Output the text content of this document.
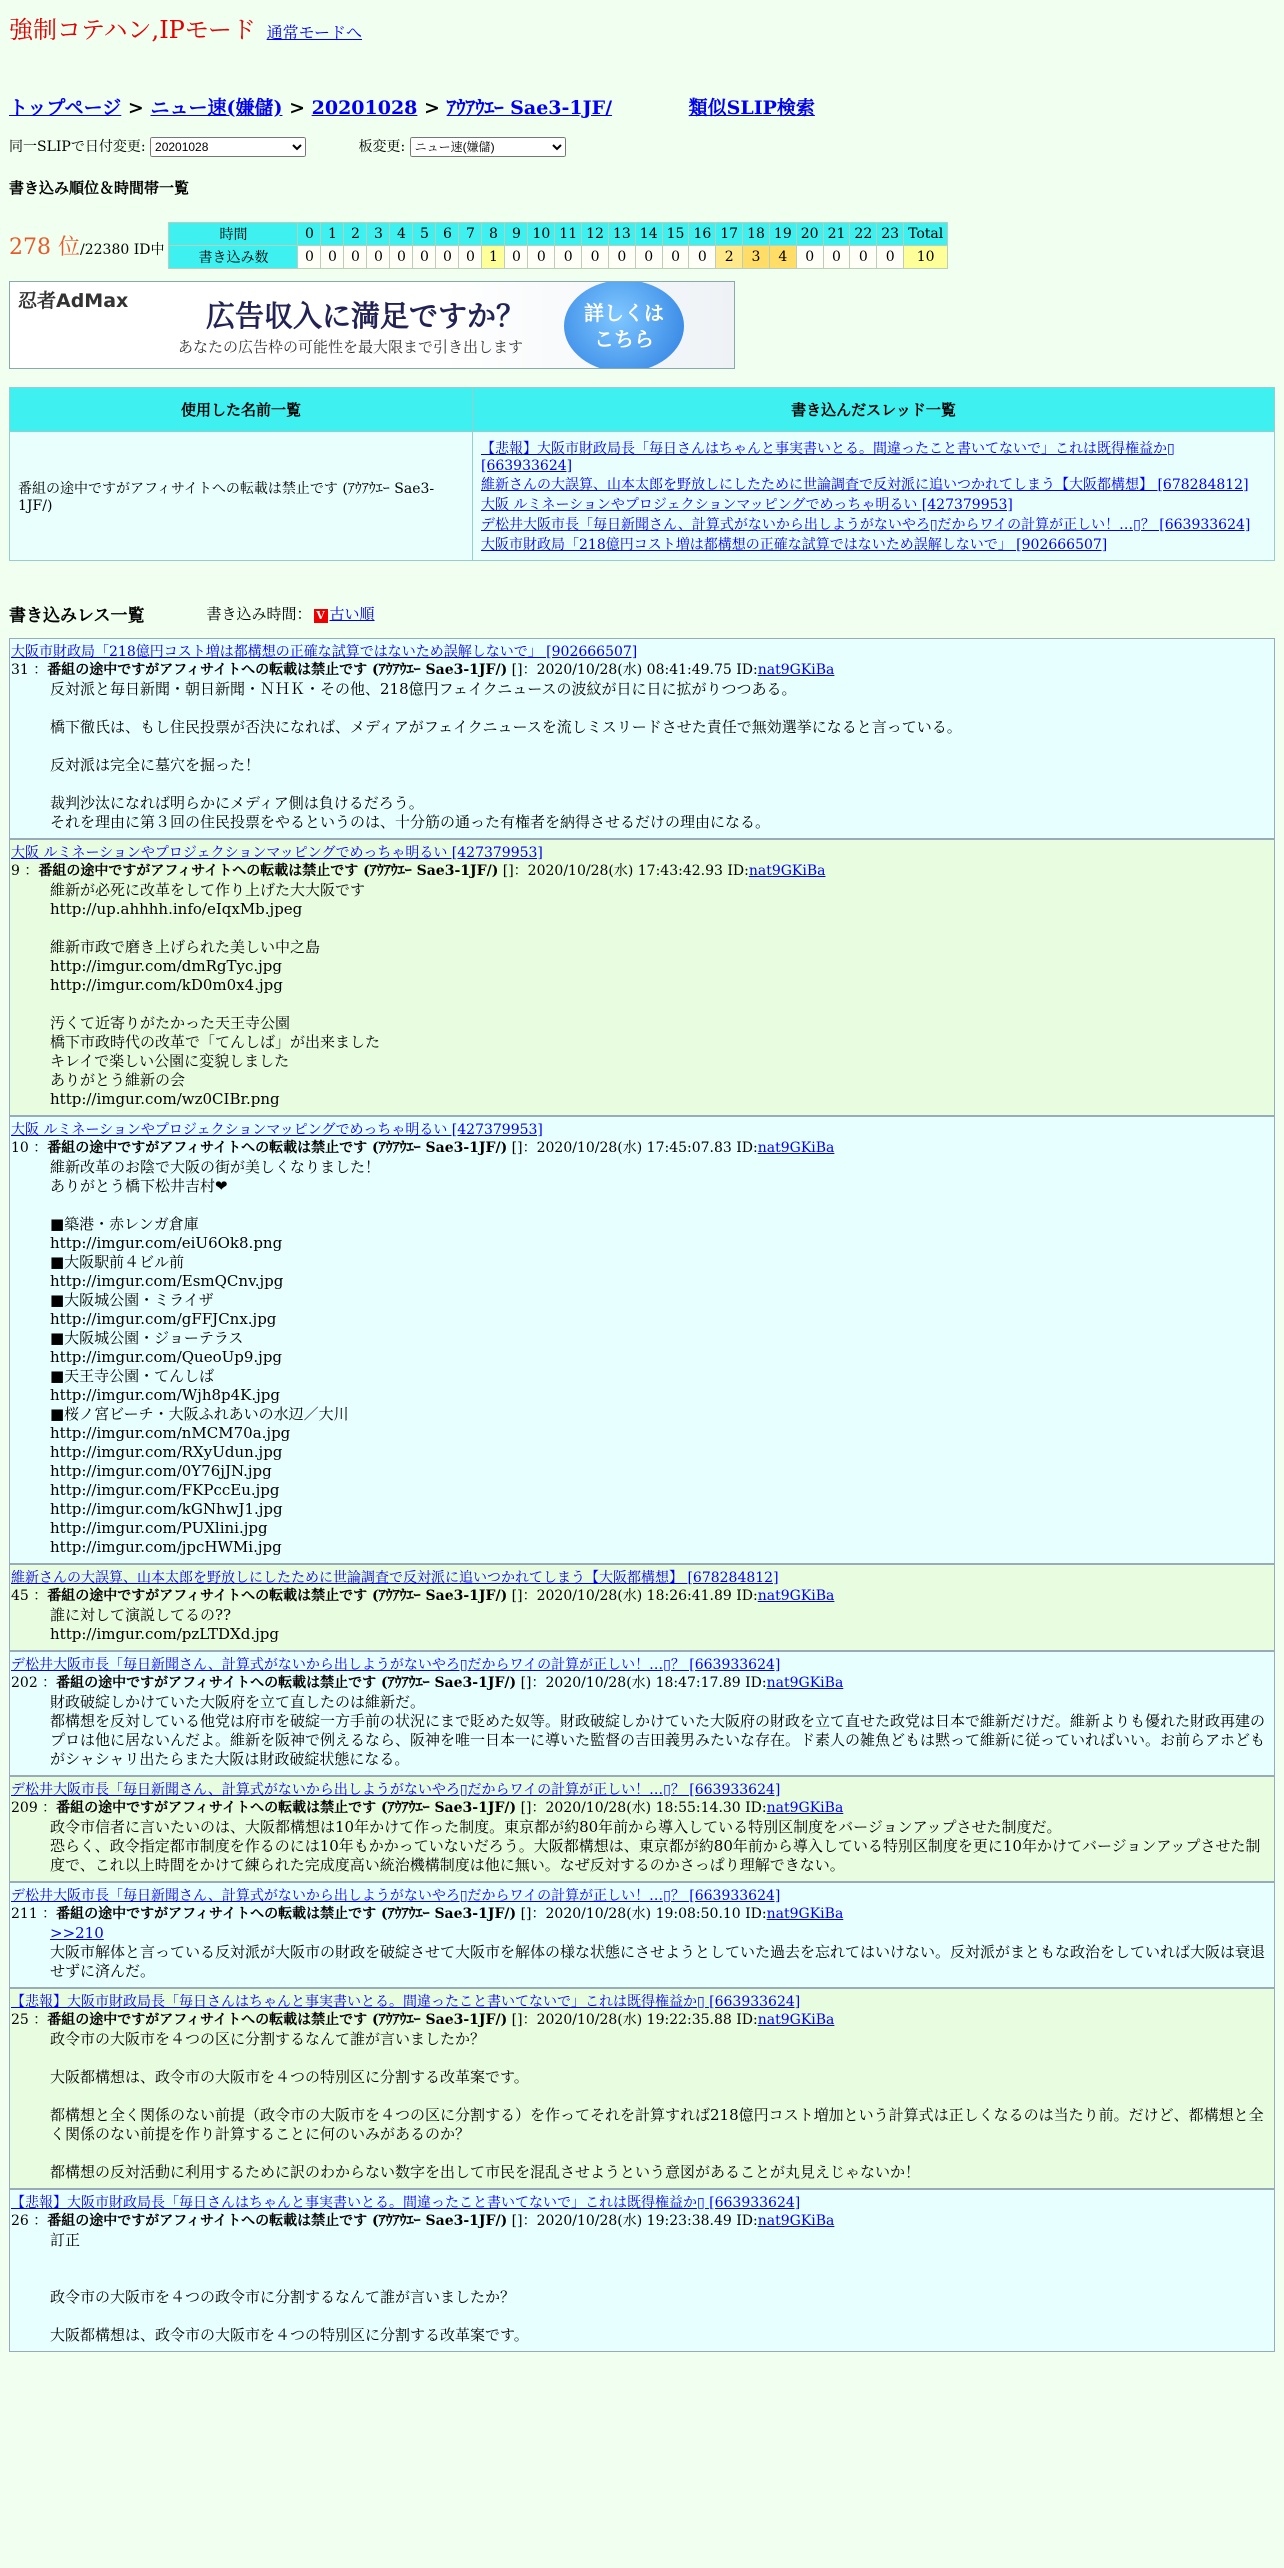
強制コテハン,IPモード 通常モードへ
トップページ > ニュー速(嫌儲) > 20201028 > ｱｳｱｳｴｰ Sae3-1JF/	類似SLIP検索
同一SLIPで日付変更:
20201028	板変更:
ニュー速(嫌儲)
書き込み順位＆時間帯一覧
278 位/22380 ID中
時間	0	1	2	3	4	5	6	7	8	9	10	11	12	13	14	15	16	17	18	19	20	21	22	23	Total
書き込み数	0	0	0	0	0	0	0	0	1	0	0	0	0	0	0	0	0	2	3	4	0	0	0	0	10
忍者AdMax	広告収入に満足ですか？
あなたの広告枠の可能性を最大限まで引き出します
詳しくは
こちら
使用した名前一覧	書き込んだスレッド一覧
番組の途中ですがアフィサイトへの転載は禁止です (ｱｳｱｳｴｰ Sae3-1JF/)	【悲報】大阪市財政局長「毎日さんはちゃんと事実書いとる。間違ったこと書いてないで」これは既得権益か▯ [663933624]
維新さんの大誤算、山本太郎を野放しにしたために世論調査で反対派に追いつかれてしまう【大阪都構想】 [678284812]
大阪 ルミネーションやプロジェクションマッピングでめっちゃ明るい [427379953]
デ松井大阪市長「毎日新聞さん、計算式がないから出しようがないやろ▯だからワイの計算が正しい！…▯？ [663933624]
大阪市財政局「218億円コスト増は都構想の正確な試算ではないため誤解しないで」 [902666507]
書き込みレス一覧	書き込み時間： V 古い順
大阪市財政局「218億円コスト増は都構想の正確な試算ではないため誤解しないで」 [902666507]
31 ：番組の途中ですがアフィサイトへの転載は禁止です (ｱｳｱｳｴｰ Sae3-1JF/) []：2020/10/28(水) 08:41:49.75 ID:nat9GKiBa
反対派と毎日新聞・朝日新聞・ＮＨＫ・その他、218億円フェイクニュースの波紋が日に日に拡がりつつある。

橋下徹氏は、もし住民投票が否決になれば、メディアがフェイクニュースを流しミスリードさせた責任で無効選挙になると言っている。

反対派は完全に墓穴を掘った！

裁判沙汰になれば明らかにメディア側は負けるだろう。
それを理由に第３回の住民投票をやるというのは、十分筋の通った有権者を納得させるだけの理由になる。
大阪 ルミネーションやプロジェクションマッピングでめっちゃ明るい [427379953]
9 ：番組の途中ですがアフィサイトへの転載は禁止です (ｱｳｱｳｴｰ Sae3-1JF/) []：2020/10/28(水) 17:43:42.93 ID:nat9GKiBa
維新が必死に改革をして作り上げた大大阪です
http://up.ahhhh.info/eIqxMb.jpeg

維新市政で磨き上げられた美しい中之島
http://imgur.com/dmRgTyc.jpg
http://imgur.com/kD0m0x4.jpg

汚くて近寄りがたかった天王寺公園
橋下市政時代の改革で「てんしば」が出来ました
キレイで楽しい公園に変貌しました
ありがとう維新の会
http://imgur.com/wz0CIBr.png
大阪 ルミネーションやプロジェクションマッピングでめっちゃ明るい [427379953]
10 ：番組の途中ですがアフィサイトへの転載は禁止です (ｱｳｱｳｴｰ Sae3-1JF/) []：2020/10/28(水) 17:45:07.83 ID:nat9GKiBa
維新改革のお陰で大阪の街が美しくなりました！
ありがとう橋下松井吉村❤

■築港・赤レンガ倉庫
http://imgur.com/eiU6Ok8.png
■大阪駅前４ビル前
http://imgur.com/EsmQCnv.jpg
■大阪城公園・ミライザ
http://imgur.com/gFFJCnx.jpg
■大阪城公園・ジョーテラス
http://imgur.com/QueoUp9.jpg
■天王寺公園・てんしば
http://imgur.com/Wjh8p4K.jpg
■桜ノ宮ビーチ・大阪ふれあいの水辺／大川
http://imgur.com/nMCM70a.jpg
http://imgur.com/RXyUdun.jpg
http://imgur.com/0Y76jJN.jpg
http://imgur.com/FKPccEu.jpg
http://imgur.com/kGNhwJ1.jpg
http://imgur.com/PUXlini.jpg
http://imgur.com/jpcHWMi.jpg
維新さんの大誤算、山本太郎を野放しにしたために世論調査で反対派に追いつかれてしまう【大阪都構想】 [678284812]
45 ：番組の途中ですがアフィサイトへの転載は禁止です (ｱｳｱｳｴｰ Sae3-1JF/) []：2020/10/28(水) 18:26:41.89 ID:nat9GKiBa
誰に対して演説してるの??
http://imgur.com/pzLTDXd.jpg
デ松井大阪市長「毎日新聞さん、計算式がないから出しようがないやろ▯だからワイの計算が正しい！…▯？ [663933624]
202 ：番組の途中ですがアフィサイトへの転載は禁止です (ｱｳｱｳｴｰ Sae3-1JF/) []：2020/10/28(水) 18:47:17.89 ID:nat9GKiBa
財政破綻しかけていた大阪府を立て直したのは維新だ。
都構想を反対している他党は府市を破綻一方手前の状況にまで貶めた奴等。財政破綻しかけていた大阪府の財政を立て直せた政党は日本で維新だけだ。維新よりも優れた財政再建のプロは他に居ないんだよ。維新を阪神で例えるなら、阪神を唯一日本一に導いた監督の吉田義男みたいな存在。ド素人の雑魚どもは黙って維新に従っていればいい。お前らアホどもがシャシャリ出たらまた大阪は財政破綻状態になる。
デ松井大阪市長「毎日新聞さん、計算式がないから出しようがないやろ▯だからワイの計算が正しい！…▯？ [663933624]
209 ：番組の途中ですがアフィサイトへの転載は禁止です (ｱｳｱｳｴｰ Sae3-1JF/) []：2020/10/28(水) 18:55:14.30 ID:nat9GKiBa
政令市信者に言いたいのは、大阪都構想は10年かけて作った制度。東京都が約80年前から導入している特別区制度をバージョンアップさせた制度だ。
恐らく、政令指定都市制度を作るのには10年もかかっていないだろう。大阪都構想は、東京都が約80年前から導入している特別区制度を更に10年かけてバージョンアップさせた制度で、これ以上時間をかけて練られた完成度高い統治機構制度は他に無い。なぜ反対するのかさっぱり理解できない。
デ松井大阪市長「毎日新聞さん、計算式がないから出しようがないやろ▯だからワイの計算が正しい！…▯？ [663933624]
211 ：番組の途中ですがアフィサイトへの転載は禁止です (ｱｳｱｳｴｰ Sae3-1JF/) []：2020/10/28(水) 19:08:50.10 ID:nat9GKiBa
>>210
大阪市解体と言っている反対派が大阪市の財政を破綻させて大阪市を解体の様な状態にさせようとしていた過去を忘れてはいけない。反対派がまともな政治をしていれば大阪は衰退せずに済んだ。
【悲報】大阪市財政局長「毎日さんはちゃんと事実書いとる。間違ったこと書いてないで」これは既得権益か▯ [663933624]
25 ：番組の途中ですがアフィサイトへの転載は禁止です (ｱｳｱｳｴｰ Sae3-1JF/) []：2020/10/28(水) 19:22:35.88 ID:nat9GKiBa
政令市の大阪市を４つの区に分割するなんて誰が言いましたか？

大阪都構想は、政令市の大阪市を４つの特別区に分割する改革案です。

都構想と全く関係のない前提（政令市の大阪市を４つの区に分割する）を作ってそれを計算すれば218億円コスト増加という計算式は正しくなるのは当たり前。だけど、都構想と全く関係のない前提を作り計算することに何のいみがあるのか？

都構想の反対活動に利用するために訳のわからない数字を出して市民を混乱させようという意図があることが丸見えじゃないか！
【悲報】大阪市財政局長「毎日さんはちゃんと事実書いとる。間違ったこと書いてないで」これは既得権益か▯ [663933624]
26 ：番組の途中ですがアフィサイトへの転載は禁止です (ｱｳｱｳｴｰ Sae3-1JF/) []：2020/10/28(水) 19:23:38.49 ID:nat9GKiBa
訂正

政令市の大阪市を４つの政令市に分割するなんて誰が言いましたか？

大阪都構想は、政令市の大阪市を４つの特別区に分割する改革案です。
